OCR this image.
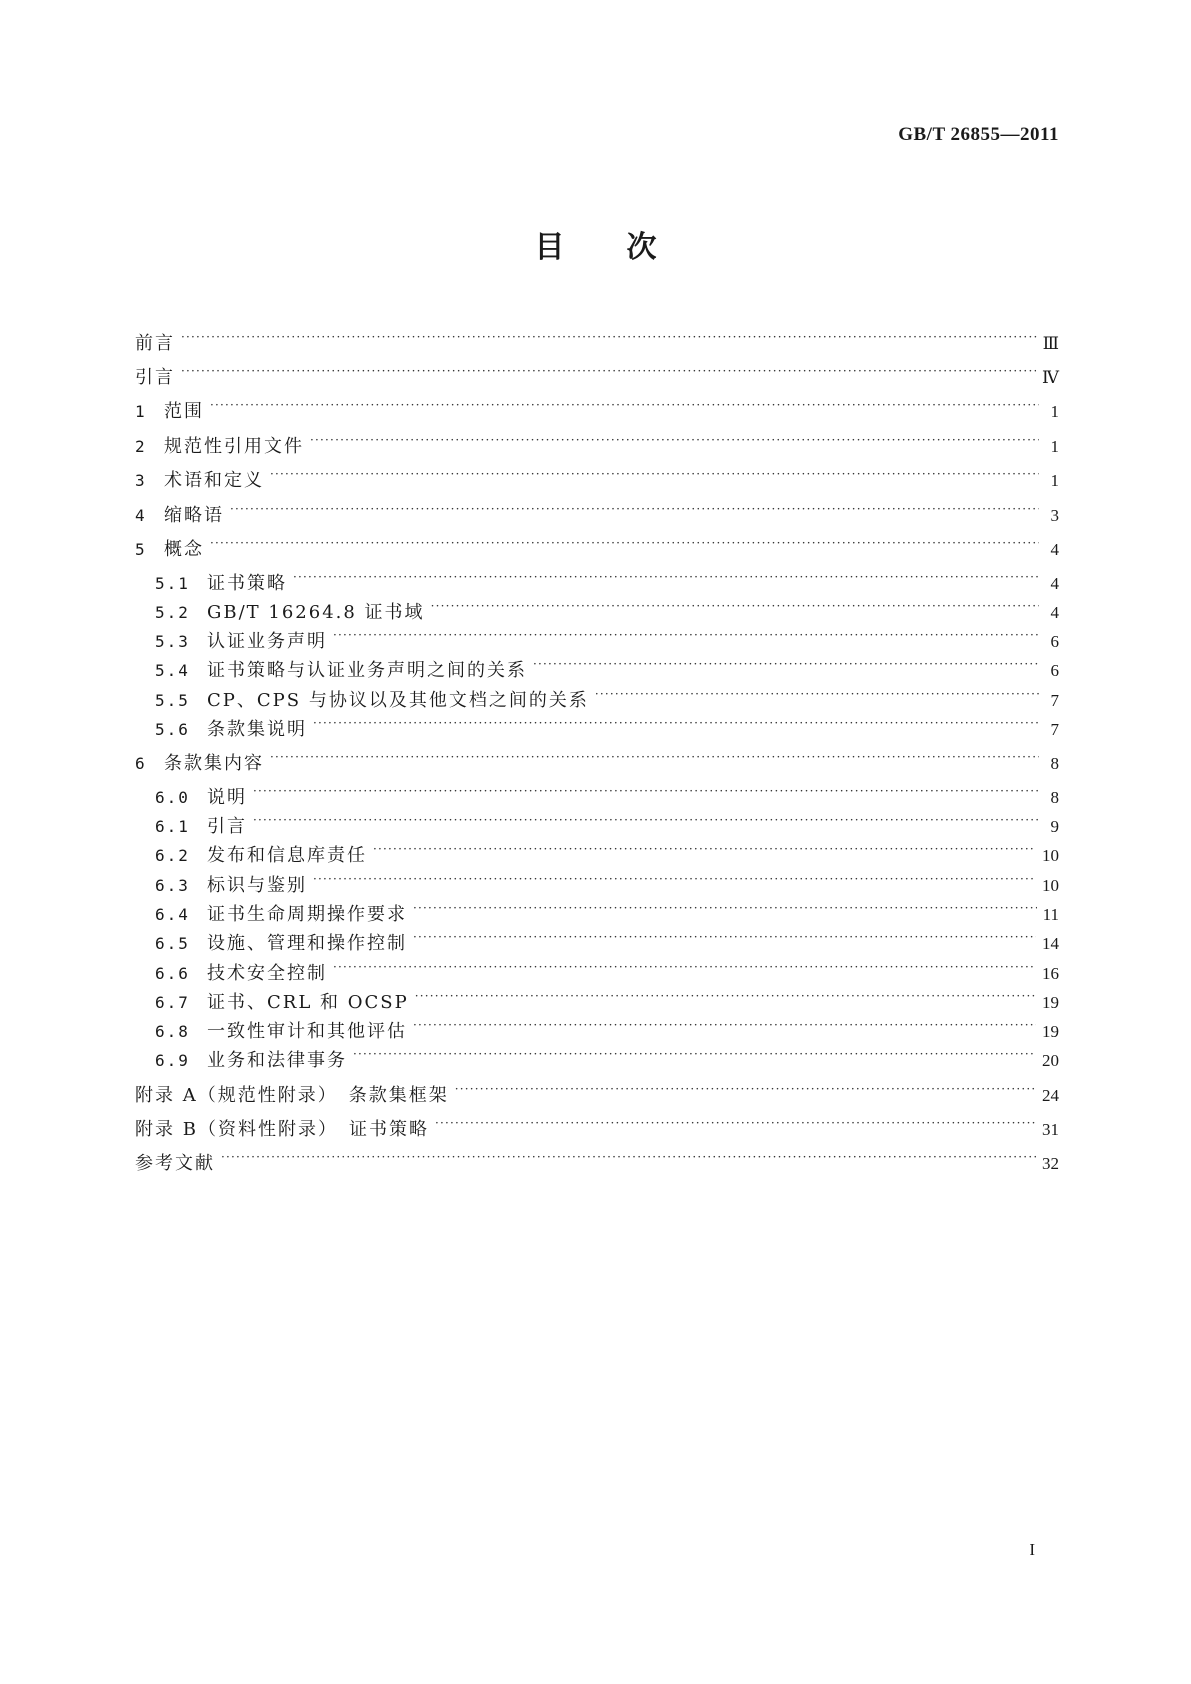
GB/T 26855—2011
目次
前言 ·····	Ⅲ
引言 ·····	Ⅳ
1	范围 ·····	1
2	规范性引用文件 ·····	1
3	术语和定义 ·····	1
4	缩略语 ·····	3
5	概念 ·····	4
5.1 证书策略 ·····	4
5.2 GB/T 16264.8 证书域 ·····	4
5.3 认证业务声明 ·····	6
5.4 证书策略与认证业务声明之间的关系 ·····	6
5.5 CP、CPS 与协议以及其他文档之间的关系 ·····	7
5.6 条款集说明 ·····	7
6	条款集内容 ·····	8
6.0 说明 ·····	8
6.1 引言 ·····	9
6.2 发布和信息库责任 ·····	10
6.3 标识与鉴别 ·····	10
6.4 证书生命周期操作要求 ·····	11
6.5 设施、管理和操作控制 ·····	14
6.6 技术安全控制 ·····	16
6.7 证书、CRL 和 OCSP ·····	19
6.8 一致性审计和其他评估 ·····	19
6.9 业务和法律事务 ·····	20
附录 A（规范性附录）　条款集框架 ·····	24
附录 B（资料性附录）　证书策略 ·····	31
参考文献 ·····	32
I
